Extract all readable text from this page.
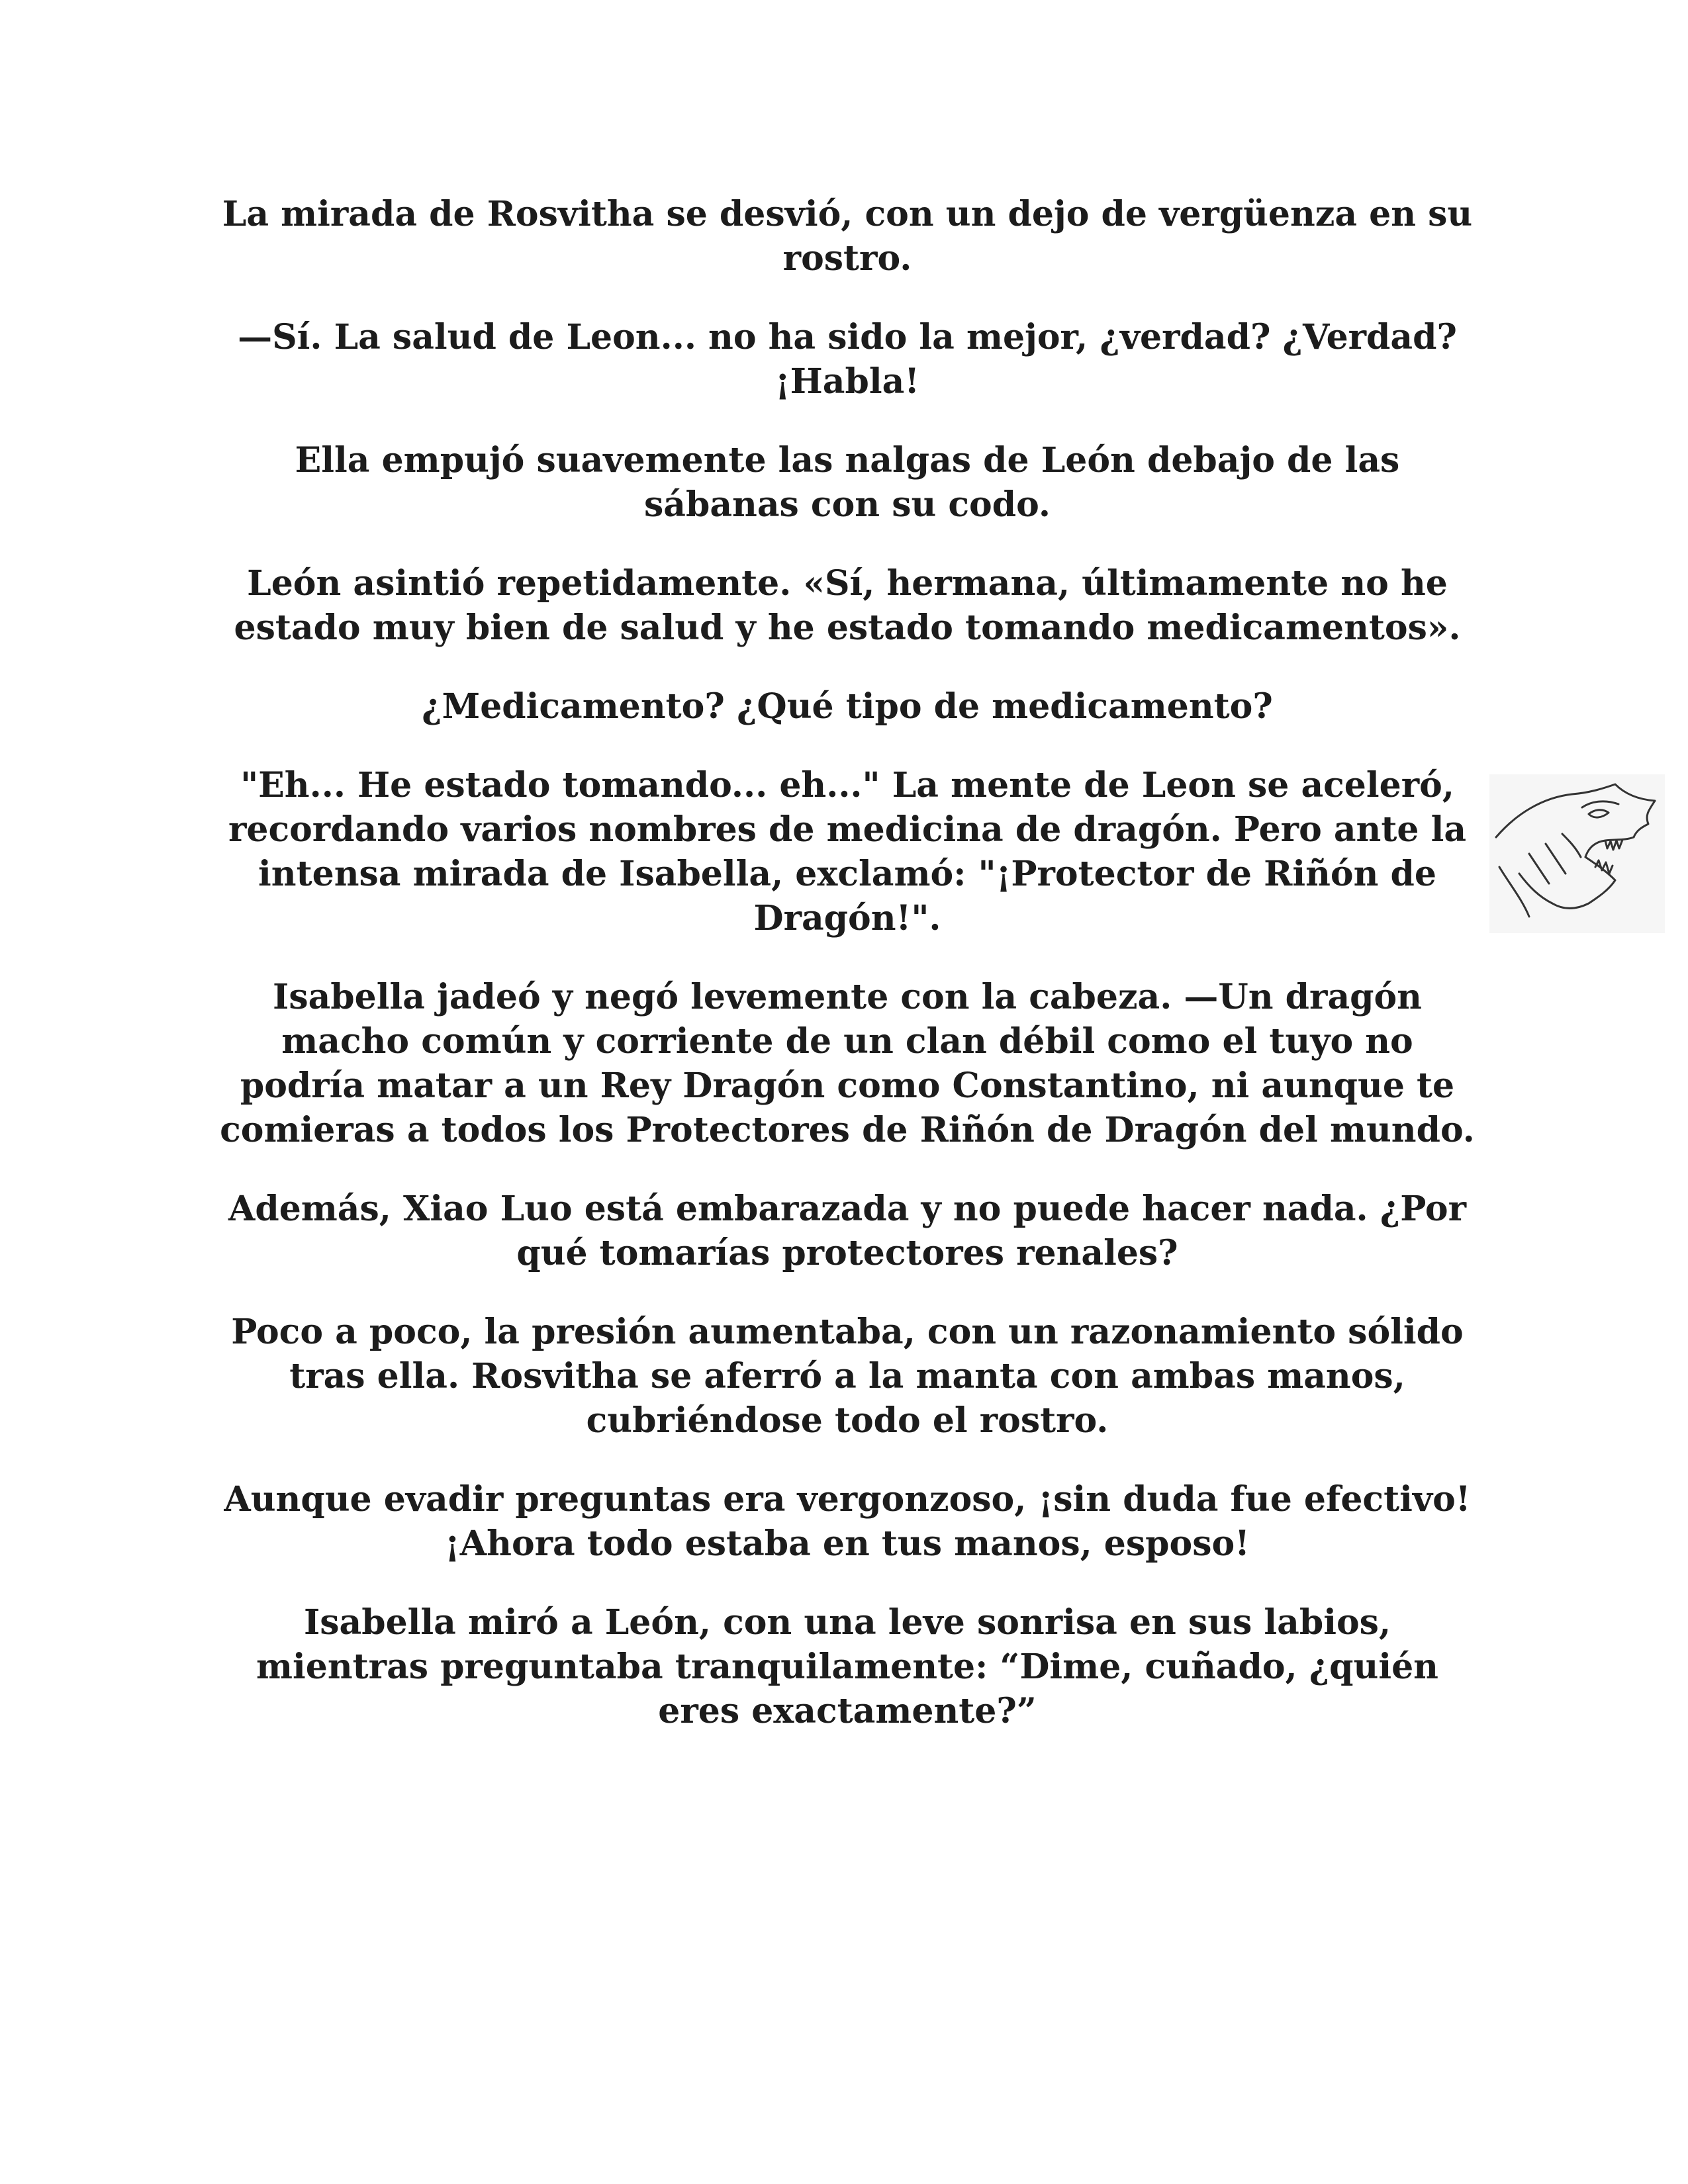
La mirada de Rosvitha se desvió, con un dejo de vergüenza en su rostro.

—Sí. La salud de Leon... no ha sido la mejor, ¿verdad? ¿Verdad? ¡Habla!

Ella empujó suavemente las nalgas de León debajo de las sábanas con su codo.

León asintió repetidamente. «Sí, hermana, últimamente no he estado muy bien de salud y he estado tomando medicamentos».

¿Medicamento? ¿Qué tipo de medicamento?

"Eh... He estado tomando... eh..." La mente de Leon se aceleró, recordando varios nombres de medicina de dragón. Pero ante la intensa mirada de Isabella, exclamó: "¡Protector de Riñón de Dragón!".

Isabella jadeó y negó levemente con la cabeza. —Un dragón macho común y corriente de un clan débil como el tuyo no podría matar a un Rey Dragón como Constantino, ni aunque te comieras a todos los Protectores de Riñón de Dragón del mundo.

Además, Xiao Luo está embarazada y no puede hacer nada. ¿Por qué tomarías protectores renales?

Poco a poco, la presión aumentaba, con un razonamiento sólido tras ella. Rosvitha se aferró a la manta con ambas manos, cubriéndose todo el rostro.

Aunque evadir preguntas era vergonzoso, ¡sin duda fue efectivo! ¡Ahora todo estaba en tus manos, esposo!

Isabella miró a León, con una leve sonrisa en sus labios, mientras preguntaba tranquilamente: “Dime, cuñado, ¿quién eres exactamente?”
